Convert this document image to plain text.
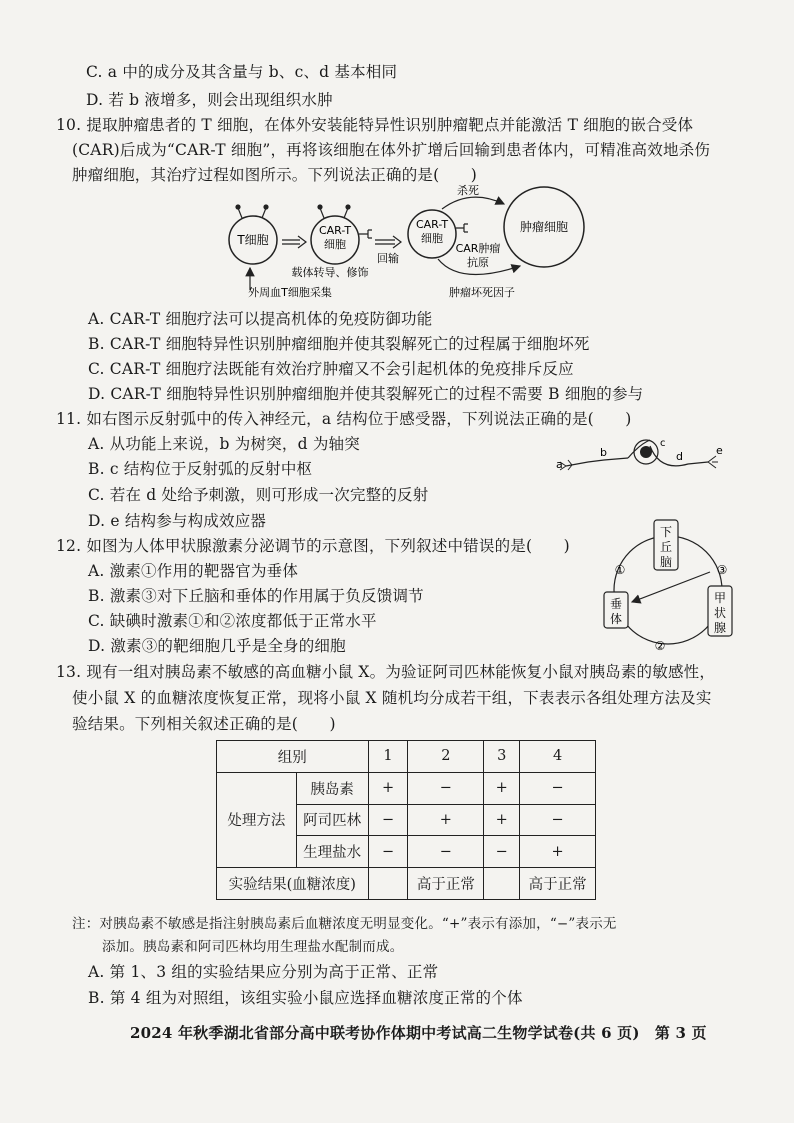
C. a 中的成分及其含量与 b、c、d 基本相同
D. 若 b 液增多，则会出现组织水肿
10. 提取肿瘤患者的 T 细胞，在体外安装能特异性识别肿瘤靶点并能激活 T 细胞的嵌合受体
(CAR)后成为“CAR-T 细胞”，再将该细胞在体外扩增后回输到患者体内，可精准高效地杀伤
肿瘤细胞，其治疗过程如图所示。下列说法正确的是(　　)
T细胞
CAR-T
细胞
载体转导、修饰
回输
CAR-T
细胞
杀死
CAR肿瘤
抗原
肿瘤细胞
肿瘤坏死因子
外周血T细胞采集
A. CAR-T 细胞疗法可以提高机体的免疫防御功能
B. CAR-T 细胞特异性识别肿瘤细胞并使其裂解死亡的过程属于细胞坏死
C. CAR-T 细胞疗法既能有效治疗肿瘤又不会引起机体的免疫排斥反应
D. CAR-T 细胞特异性识别肿瘤细胞并使其裂解死亡的过程不需要 B 细胞的参与
11. 如右图示反射弧中的传入神经元，a 结构位于感受器，下列说法正确的是(　　)
A. 从功能上来说，b 为树突，d 为轴突
B. c 结构位于反射弧的反射中枢
C. 若在 d 处给予刺激，则可形成一次完整的反射
D. e 结构参与构成效应器
a
b
c
d	e
12. 如图为人体甲状腺激素分泌调节的示意图，下列叙述中错误的是(　　)
A. 激素①作用的靶器官为垂体
B. 激素③对下丘脑和垂体的作用属于负反馈调节
C. 缺碘时激素①和②浓度都低于正常水平
D. 激素③的靶细胞几乎是全身的细胞
下
丘
脑
垂
体
甲
状
腺
①
②
③
13. 现有一组对胰岛素不敏感的高血糖小鼠 X。为验证阿司匹林能恢复小鼠对胰岛素的敏感性，
使小鼠 X 的血糖浓度恢复正常，现将小鼠 X 随机均分成若干组，下表表示各组处理方法及实
验结果。下列相关叙述正确的是(　　)
组别		1	2	3	4
处理方法	胰岛素	+	−	+	−
	阿司匹林	−	+	+	−
	生理盐水	−	−	−	+
实验结果(血糖浓度)			高于正常		高于正常
注：对胰岛素不敏感是指注射胰岛素后血糖浓度无明显变化。“+”表示有添加，“−”表示无
添加。胰岛素和阿司匹林均用生理盐水配制而成。
A. 第 1、3 组的实验结果应分别为高于正常、正常
B. 第 4 组为对照组，该组实验小鼠应选择血糖浓度正常的个体
2024 年秋季湖北省部分高中联考协作体期中考试高二生物学试卷(共 6 页)　第 3 页
